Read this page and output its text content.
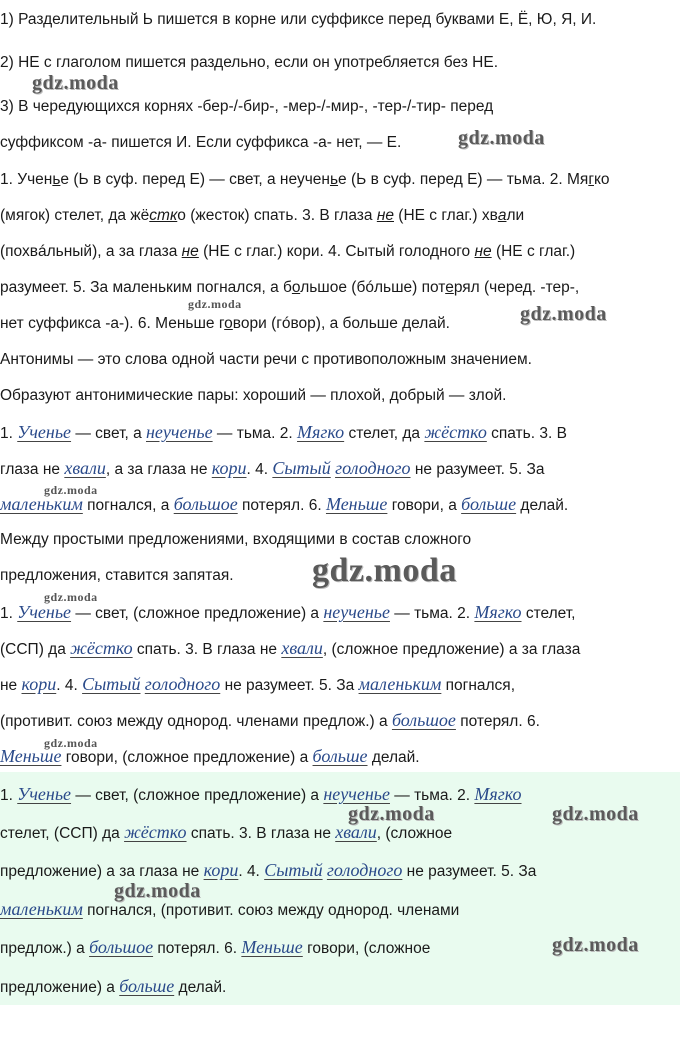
1) Разделительный Ь пишется в корне или суффиксе перед буквами Е, Ё, Ю, Я, И.
2) НЕ с глаголом пишется раздельно, если он употребляется без НЕ.
3) В чередующихся корнях -бер-/-бир-, -мер-/-мир-, -тер-/-тир- перед
суффиксом -а- пишется И. Если суффикса -а- нет, — Е.
1. Ученье (Ь в суф. перед Е) — свет, а неученье (Ь в суф. перед Е) — тьма. 2. Мягко
(мягок) стелет, да жёстко (жесток) спать. 3. В глаза не (НЕ с глаг.) хвали
(похвáльный), а за глаза не (НЕ с глаг.) кори. 4. Сытый голодного не (НЕ с глаг.)
разумеет. 5. За маленьким погнался, а большое (бóльше) потерял (черед. -тер-,
нет суффикса -а-). 6. Меньше говори (гóвор), а больше делай.
Антонимы — это слова одной части речи с противоположным значением.
Образуют антонимические пары: хороший — плохой, добрый — злой.
1. Ученье — свет, а неученье — тьма. 2. Мягко стелет, да жёстко спать. 3. В
глаза не хвали, а за глаза не кори. 4. Сытый голодного не разумеет. 5. За
маленьким погнался, а большое потерял. 6. Меньше говори, а больше делай.
Между простыми предложениями, входящими в состав сложного
предложения, ставится запятая.
1. Ученье — свет, (сложное предложение) а неученье — тьма. 2. Мягко стелет,
(ССП) да жёстко спать. 3. В глаза не хвали, (сложное предложение) а за глаза
не кори. 4. Сытый голодного не разумеет. 5. За маленьким погнался,
(противит. союз между однород. членами предлож.) а большое потерял. 6.
Меньше говори, (сложное предложение) а больше делай.
1. Ученье — свет, (сложное предложение) а неученье — тьма. 2. Мягко
стелет, (ССП) да жёстко спать. 3. В глаза не хвали, (сложное
предложение) а за глаза не кори. 4. Сытый голодного не разумеет. 5. За
маленьким погнался, (противит. союз между однород. членами
предлож.) а большое потерял. 6. Меньше говори, (сложное
предложение) а больше делай.
gdz.moda
gdz.moda
gdz.moda	gdz.moda
gdz.moda
gdz.moda
gdz.moda
gdz.moda
gdz.moda	gdz.moda
gdz.moda
gdz.moda
